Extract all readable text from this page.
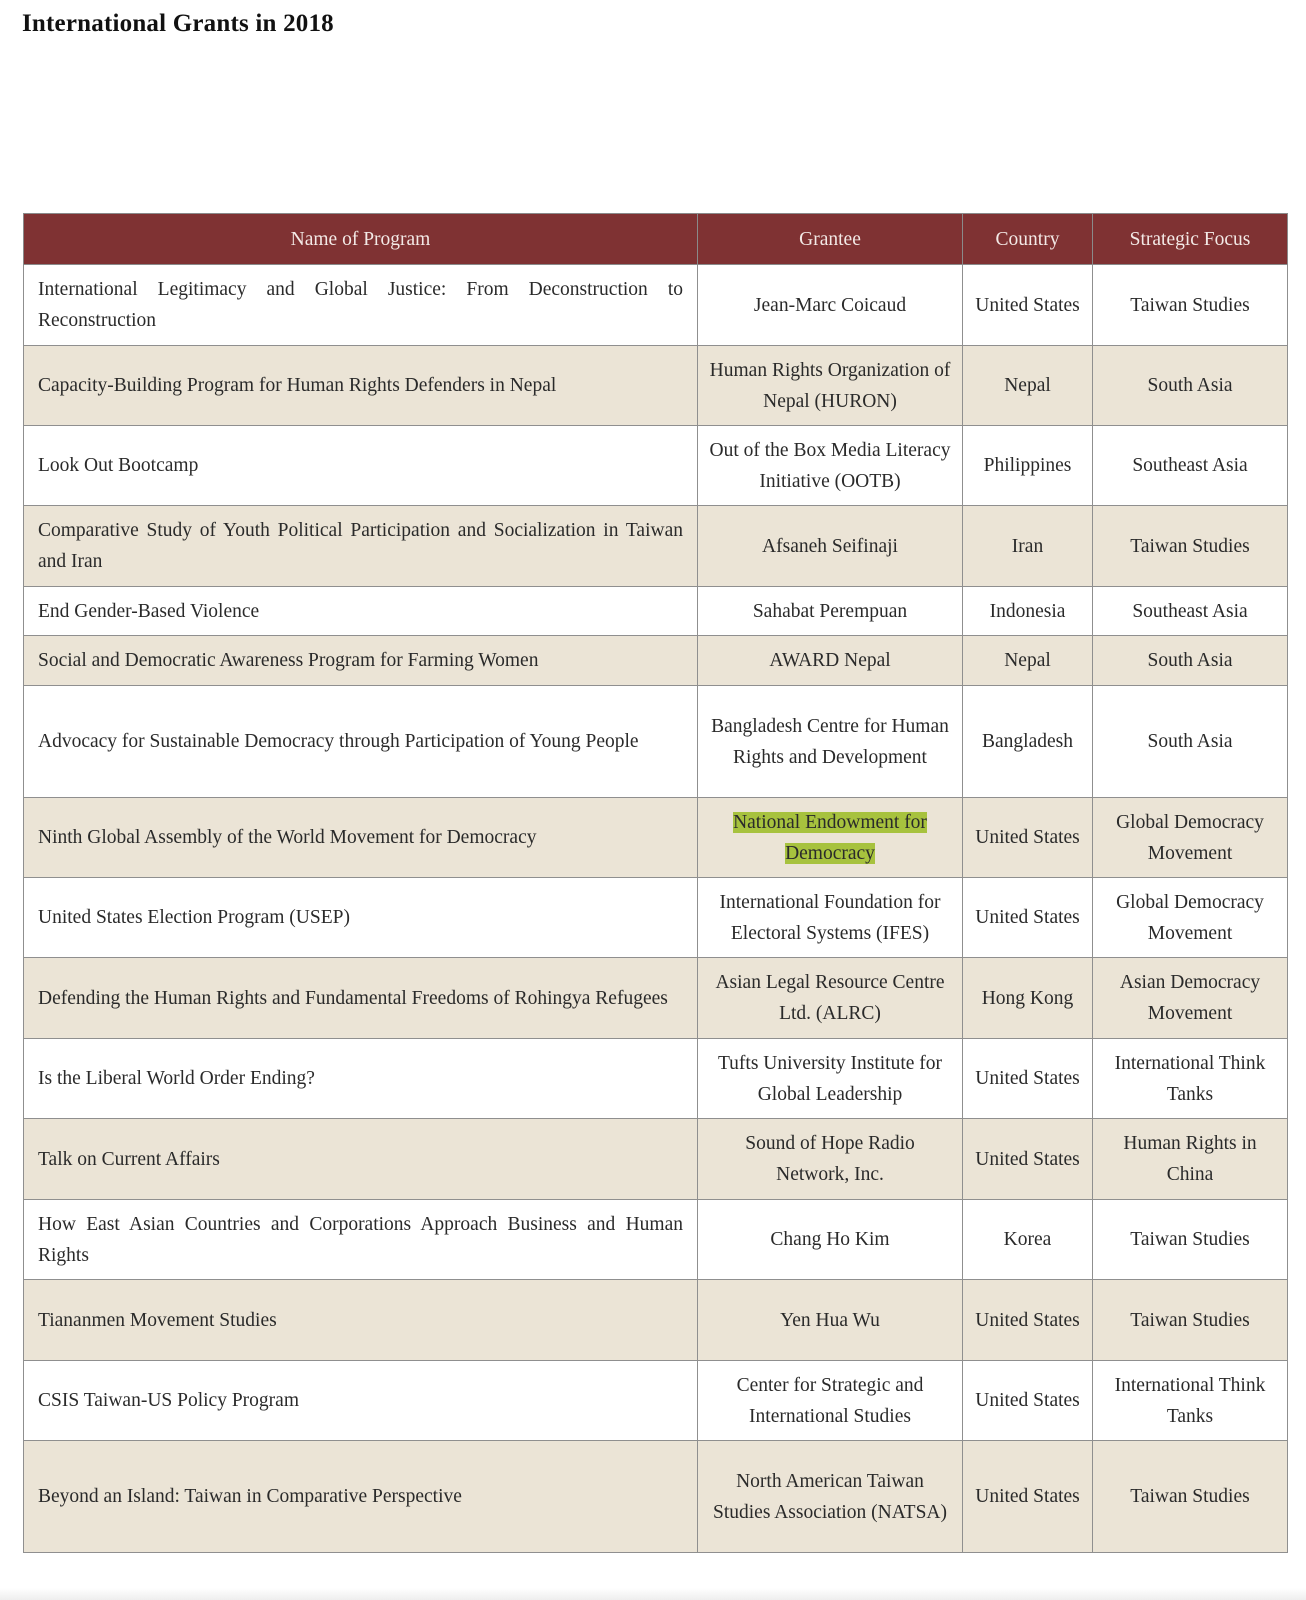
International Grants in 2018
Name of Program	Grantee	Country	Strategic Focus
International Legitimacy and Global Justice: From Deconstruction to Reconstruction	Jean-Marc Coicaud	United States	Taiwan Studies
Capacity-Building Program for Human Rights Defenders in Nepal	Human Rights Organization of Nepal (HURON)	Nepal	South Asia
Look Out Bootcamp	Out of the Box Media Literacy Initiative (OOTB)	Philippines	Southeast Asia
Comparative Study of Youth Political Participation and Socialization in Taiwan and Iran	Afsaneh Seifinaji	Iran	Taiwan Studies
End Gender-Based Violence	Sahabat Perempuan	Indonesia	Southeast Asia
Social and Democratic Awareness Program for Farming Women	AWARD Nepal	Nepal	South Asia
Advocacy for Sustainable Democracy through Participation of Young People	Bangladesh Centre for Human Rights and Development	Bangladesh	South Asia
Ninth Global Assembly of the World Movement for Democracy	National Endowment for Democracy	United States	Global Democracy Movement
United States Election Program (USEP)	International Foundation for Electoral Systems (IFES)	United States	Global Democracy Movement
Defending the Human Rights and Fundamental Freedoms of Rohingya Refugees	Asian Legal Resource Centre Ltd. (ALRC)	Hong Kong	Asian Democracy Movement
Is the Liberal World Order Ending?	Tufts University Institute for Global Leadership	United States	International Think Tanks
Talk on Current Affairs	Sound of Hope Radio Network, Inc.	United States	Human Rights in China
How East Asian Countries and Corporations Approach Business and Human Rights	Chang Ho Kim	Korea	Taiwan Studies
Tiananmen Movement Studies	Yen Hua Wu	United States	Taiwan Studies
CSIS Taiwan-US Policy Program	Center for Strategic and International Studies	United States	International Think Tanks
Beyond an Island: Taiwan in Comparative Perspective	North American Taiwan Studies Association (NATSA)	United States	Taiwan Studies
